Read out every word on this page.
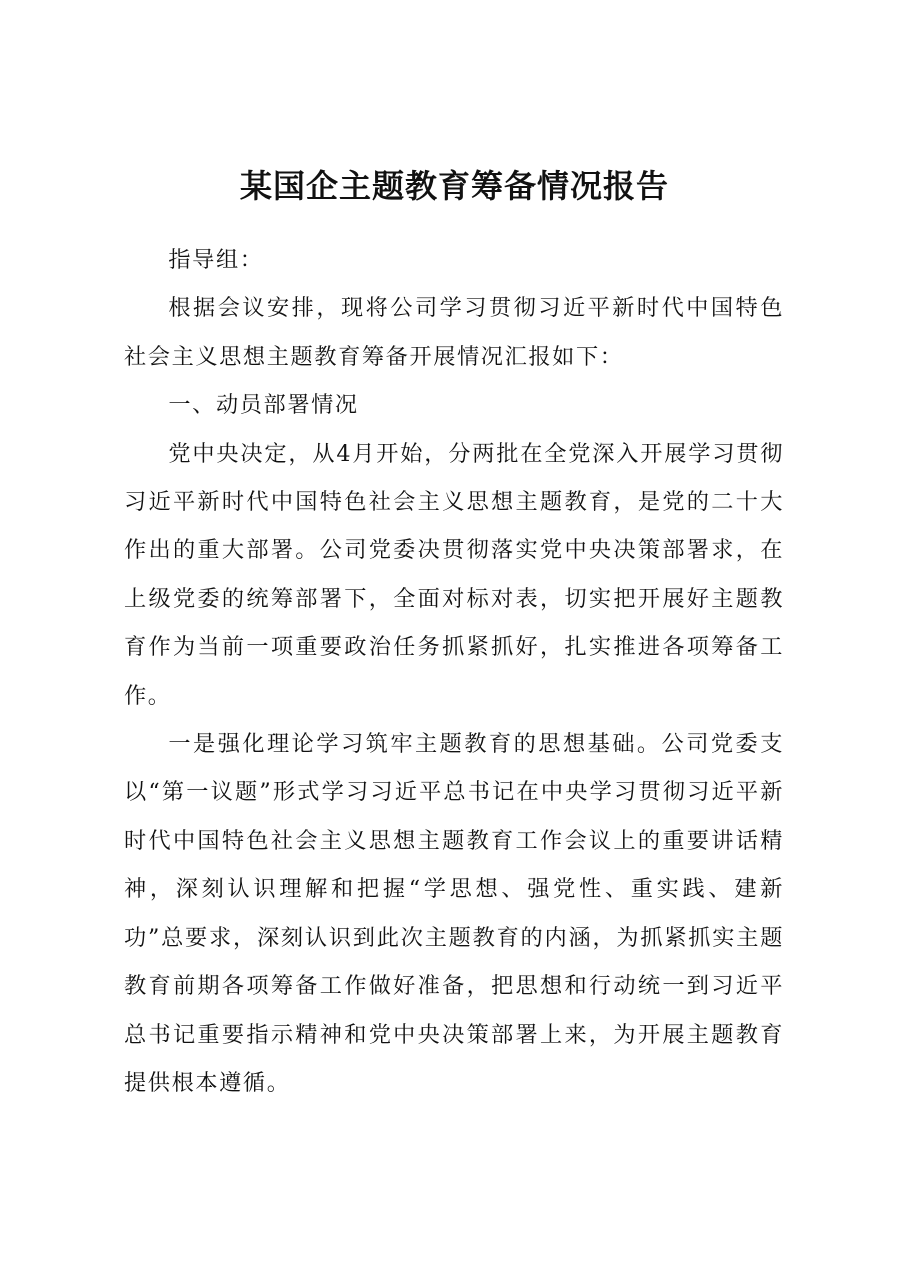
某国企主题教育筹备情况报告

指导组：

根据会议安排，现将公司学习贯彻习近平新时代中国特色社会主义思想主题教育筹备开展情况汇报如下：

一、动员部署情况

党中央决定，从4月开始，分两批在全党深入开展学习贯彻习近平新时代中国特色社会主义思想主题教育，是党的二十大作出的重大部署。公司党委决贯彻落实党中央决策部署求，在上级党委的统筹部署下，全面对标对表，切实把开展好主题教育作为当前一项重要政治任务抓紧抓好，扎实推进各项筹备工作。

一是强化理论学习筑牢主题教育的思想基础。公司党委支以“第一议题”形式学习习近平总书记在中央学习贯彻习近平新时代中国特色社会主义思想主题教育工作会议上的重要讲话精神，深刻认识理解和把握“学思想、强党性、重实践、建新功”总要求，深刻认识到此次主题教育的内涵，为抓紧抓实主题教育前期各项筹备工作做好准备，把思想和行动统一到习近平总书记重要指示精神和党中央决策部署上来，为开展主题教育提供根本遵循。
